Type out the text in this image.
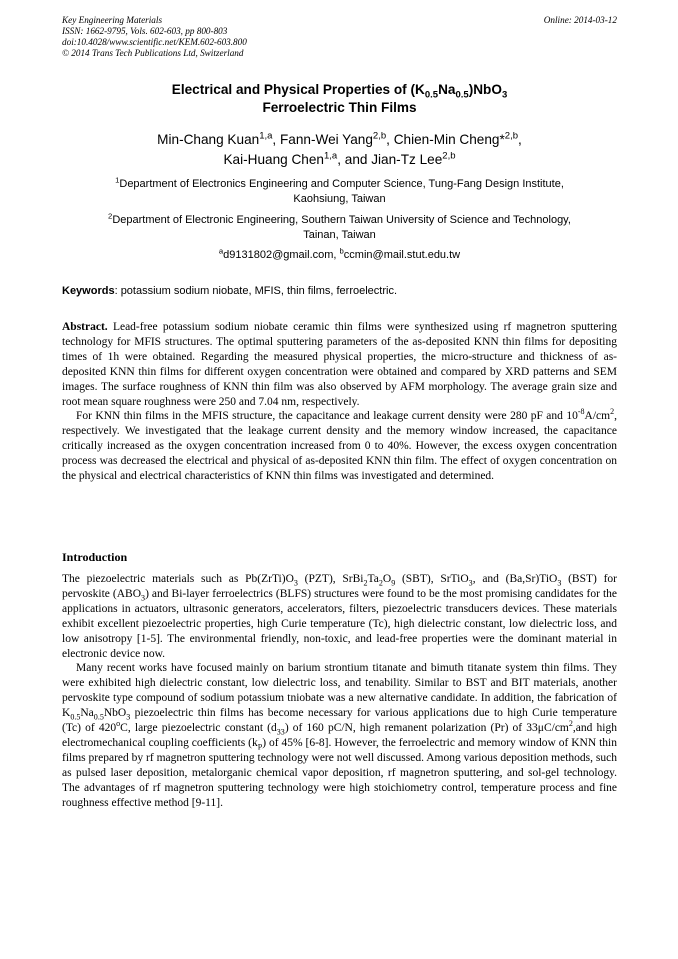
Key Engineering Materials
ISSN: 1662-9795, Vols. 602-603, pp 800-803
doi:10.4028/www.scientific.net/KEM.602-603.800
© 2014 Trans Tech Publications Ltd, Switzerland
Online: 2014-03-12
Electrical and Physical Properties of $(K_{0.5}Na_{0.5})NbO_3$
Ferroelectric Thin Films
Min-Chang Kuan$^{1,a}$, Fann-Wei Yang$^{2,b}$, Chien-Min Cheng*$^{2,b}$,
Kai-Huang Chen$^{1,a}$, and Jian-Tz Lee$^{2,b}$
$^1$Department of Electronics Engineering and Computer Science, Tung-Fang Design Institute,
Kaohsiung, Taiwan
$^2$Department of Electronic Engineering, Southern Taiwan University of Science and Technology,
Tainan, Taiwan
$^a$d9131802@gmail.com, $^b$ccmin@mail.stut.edu.tw
Keywords: potassium sodium niobate, MFIS, thin films, ferroelectric.

Abstract. Lead-free potassium sodium niobate ceramic thin films were synthesized using rf magnetron sputtering technology for MFIS structures. The optimal sputtering parameters of the as-deposited KNN thin films for depositing times of 1h were obtained. Regarding the measured physical properties, the micro-structure and thickness of as-deposited KNN thin films for different oxygen concentration were obtained and compared by XRD patterns and SEM images. The surface roughness of KNN thin film was also observed by AFM morphology. The average grain size and root mean square roughness were 250 and 7.04 nm, respectively.

For KNN thin films in the MFIS structure, the capacitance and leakage current density were 280 pF and $10^{-8}A/cm^2$, respectively. We investigated that the leakage current density and the memory window increased, the capacitance critically increased as the oxygen concentration increased from 0 to 40%. However, the excess oxygen concentration process was decreased the electrical and physical of as-deposited KNN thin film. The effect of oxygen concentration on the physical and electrical characteristics of KNN thin films was investigated and determined.

Introduction

The piezoelectric materials such as $Pb(ZrTi)O_3$ (PZT), $SrBi_2Ta_2O_9$ (SBT), SrTiO$_3$, and (Ba,Sr)TiO$_3$ (BST) for pervoskite $(ABO_3)$ and Bi-layer ferroelectrics (BLFS) structures were found to be the most promising candidates for the applications in actuators, ultrasonic generators, accelerators, filters, piezoelectric transducers devices. These materials exhibit excellent piezoelectric properties, high Curie temperature (Tc), high dielectric constant, low dielectric loss, and low anisotropy [1-5]. The environmental friendly, non-toxic, and lead-free properties were the dominant material in electronic device now.

Many recent works have focused mainly on barium strontium titanate and bimuth titanate system thin films. They were exhibited high dielectric constant, low dielectric loss, and tenability. Similar to BST and BIT materials, another pervoskite type compound of sodium potassium tniobate was a new alternative candidate. In addition, the fabrication of $K_{0.5}Na_{0.5}NbO_3$ piezoelectric thin films has become necessary for various applications due to high Curie temperature (Tc) of 420$^o$C, large piezoelectric constant $(d_{33})$ of 160 pC/N, high remanent polarization (Pr) of $33\mu C/cm^2,and$ high electromechanical coupling coefficients $(k_P)$ of 45% [6-8]. However, the ferroelectric and memory window of KNN thin films prepared by rf magnetron sputtering technology were not well discussed. Among various deposition methods, such as pulsed laser deposition, metalorganic chemical vapor deposition, rf magnetron sputtering, and sol-gel technology. The advantages of rf magnetron sputtering technology were high stoichiometry control, temperature process and fine roughness effective method [9-11].
